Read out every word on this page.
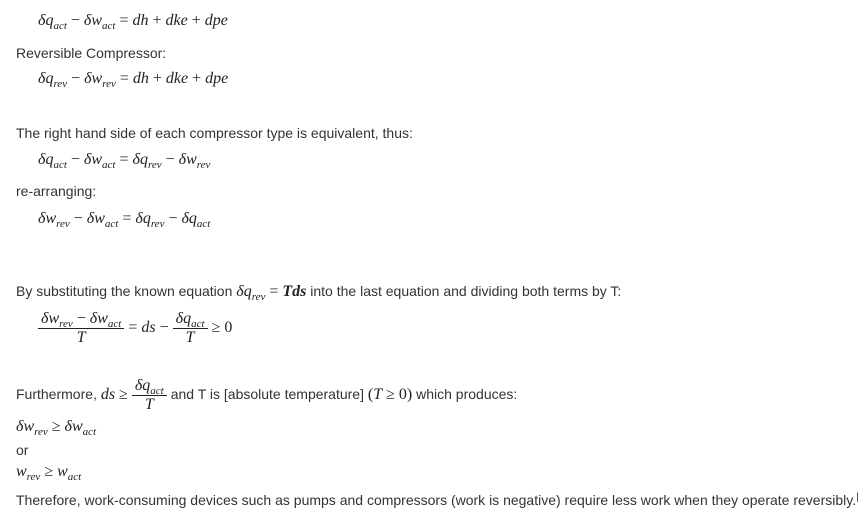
$\delta q_{act} - \delta w_{act}$ = dh + dke + dpe
Reversible Compressor:
$\delta q_{rev} - \delta w_{rev}$ = dh + dke + dpe
The right hand side of each compressor type is equivalent, thus:
$\delta q_{act} - \delta w_{act} = \delta q_{rev} - \delta w_{rev}$
re-arranging:
$\delta w_{rev} - \delta w_{act} = \delta q_{rev} - \delta q_{act}$
By substituting the known equation $\delta q_{rev}$ = Tds into the last equation and dividing both terms by T:
$\frac{\delta w_{rev} - \delta w_{act}}{T}$ = ds − $\frac{\delta q_{act}}{T} \ge 0$
Furthermore, ds ≥ $\frac{\delta q_{act}}{T}$ and T is [absolute temperature] (T ≥ 0) which produces:
$\delta w_{rev} \ge \delta w_{act}$
or
$w_{rev} \ge w_{act}$
Therefore, work-consuming devices such as pumps and compressors (work is negative) require less work when they operate reversibly.|
